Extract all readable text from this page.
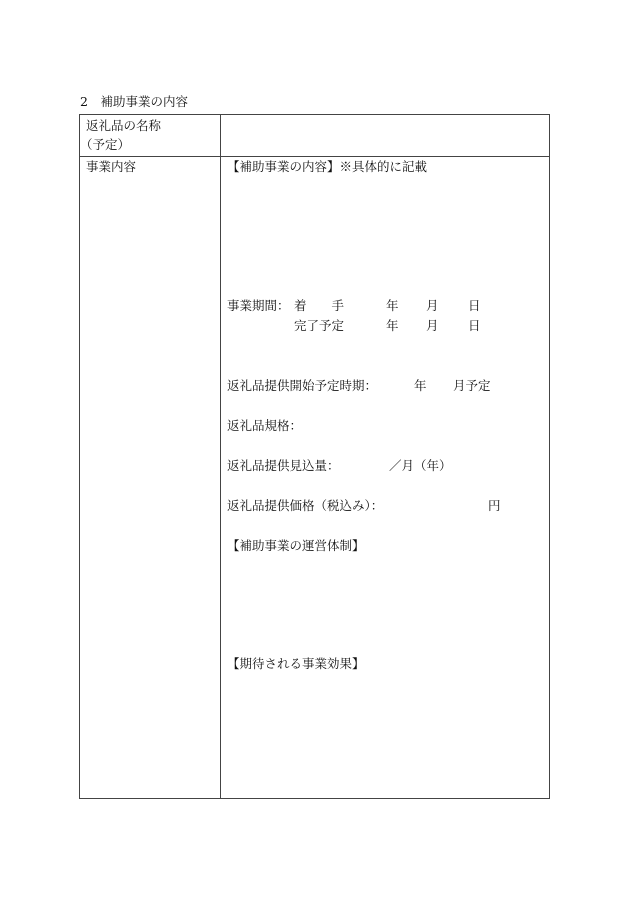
2　補助事業の内容
返礼品の名称
（予定）
事業内容	【補助事業の内容】※具体的に記載
事業期間： 着　　手	年 月 日
完了予定	年 月 日
返礼品提供開始予定時期：	年 月予定
返礼品規格：
返礼品提供見込量：	／月（年）
返礼品提供価格（税込み）：	円
【補助事業の運営体制】
【期待される事業効果】
